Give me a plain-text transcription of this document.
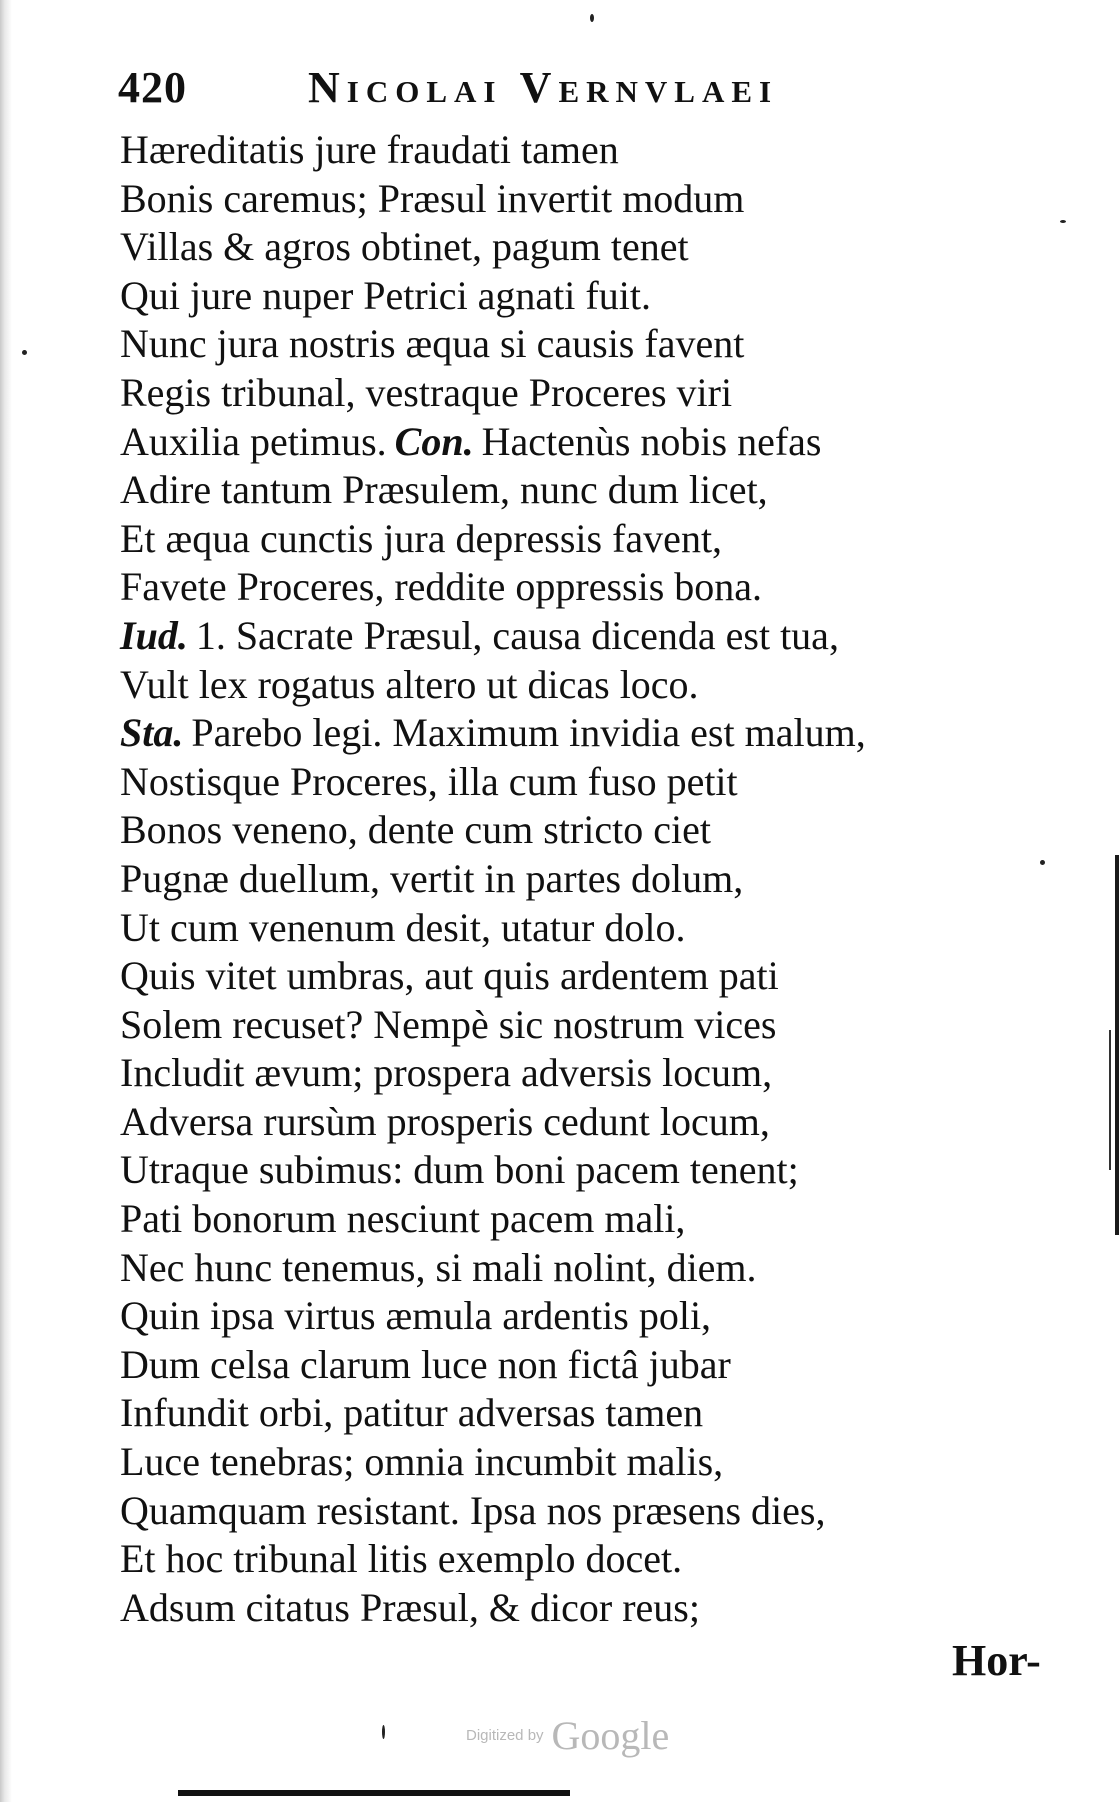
420	Nicolai Vernvlaei
Hæreditatis jure fraudati tamen
Bonis caremus; Præsul invertit modum
Villas & agros obtinet, pagum tenet
Qui jure nuper Petrici agnati fuit.
Nunc jura nostris æqua si causis favent
Regis tribunal, vestraque Proceres viri
Auxilia petimus. Con. Hactenùs nobis nefas
Adire tantum Præsulem, nunc dum licet,
Et æqua cunctis jura depressis favent,
Favete Proceres, reddite oppressis bona.
Iud. 1. Sacrate Præsul, causa dicenda est tua,
Vult lex rogatus altero ut dicas loco.
Sta. Parebo legi. Maximum invidia est malum,
Nostisque Proceres, illa cum fuso petit
Bonos veneno, dente cum stricto ciet
Pugnæ duellum, vertit in partes dolum,
Ut cum venenum desit, utatur dolo.
Quis vitet umbras, aut quis ardentem pati
Solem recuset? Nempè sic nostrum vices
Includit ævum; prospera adversis locum,
Adversa rursùm prosperis cedunt locum,
Utraque subimus: dum boni pacem tenent;
Pati bonorum nesciunt pacem mali,
Nec hunc tenemus, si mali nolint, diem.
Quin ipsa virtus æmula ardentis poli,
Dum celsa clarum luce non fictâ jubar
Infundit orbi, patitur adversas tamen
Luce tenebras; omnia incumbit malis,
Quamquam resistant. Ipsa nos præsens dies,
Et hoc tribunal litis exemplo docet.
Adsum citatus Præsul, & dicor reus;
Hor-
Digitized by Google
